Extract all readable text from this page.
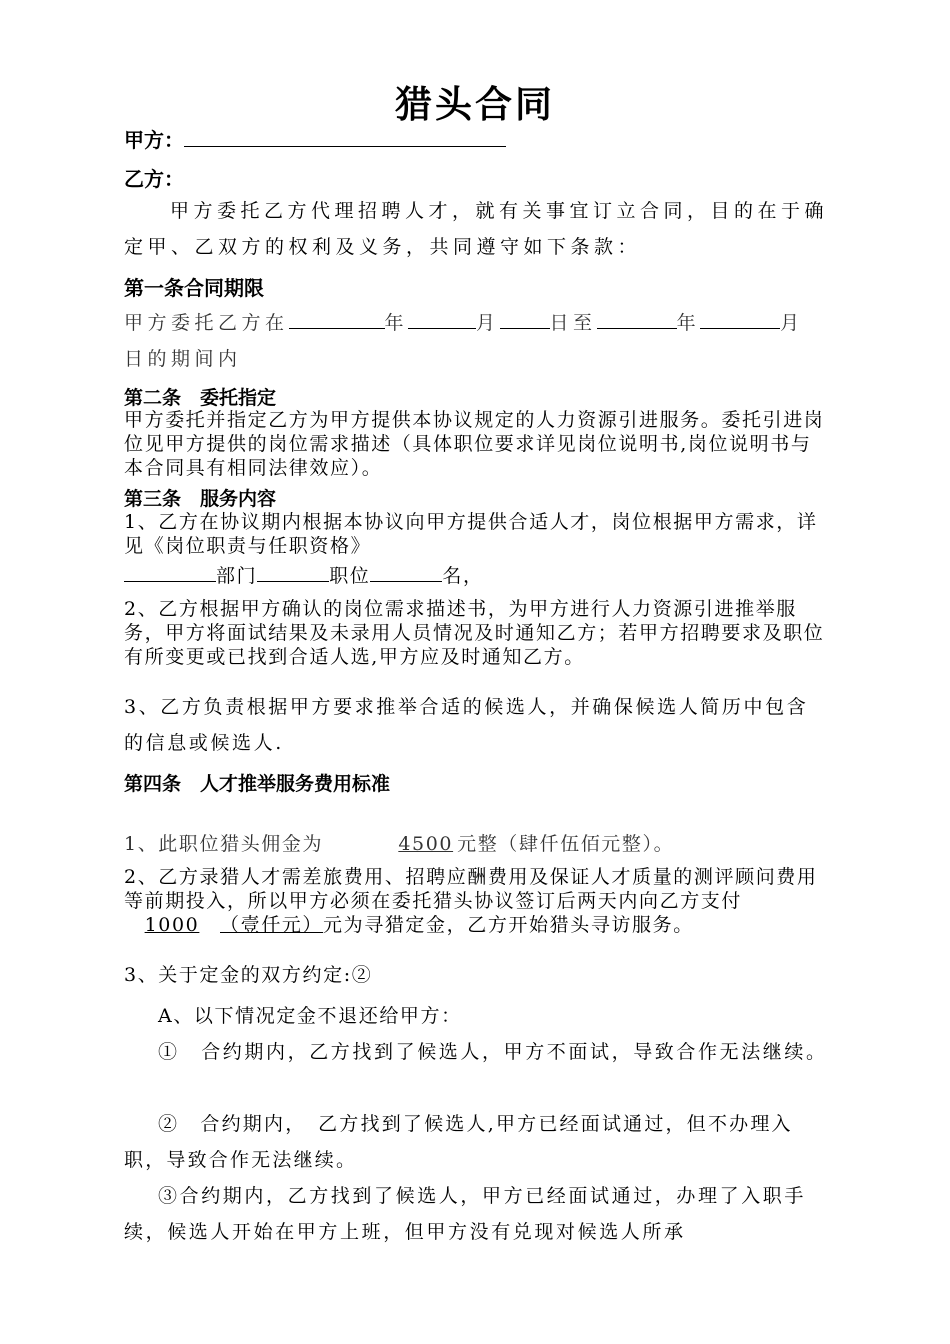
猎头合同
甲方：
乙方：
甲方委托乙方代理招聘人才，就有关事宜订立合同，目的在于确定甲、乙双方的权利及义务，共同遵守如下条款：
第一条合同期限
甲方委托乙方在	年	月	日至	年	月
日的期间内
第二条　委托指定
甲方委托并指定乙方为甲方提供本协议规定的人力资源引进服务。委托引进岗位见甲方提供的岗位需求描述（具体职位要求详见岗位说明书,岗位说明书与本合同具有相同法律效应）。
第三条　服务内容
1、乙方在协议期内根据本协议向甲方提供合适人才，岗位根据甲方需求，详见《岗位职责与任职资格》
部门	职位	名，
2、乙方根据甲方确认的岗位需求描述书，为甲方进行人力资源引进推举服务，甲方将面试结果及未录用人员情况及时通知乙方；若甲方招聘要求及职位有所变更或已找到合适人选,甲方应及时通知乙方。
3、乙方负责根据甲方要求推举合适的候选人，并确保候选人简历中包含的信息或候选人.
第四条　人才推举服务费用标准
1、此职位猎头佣金为	4500 元整（肆仟伍佰元整）。
2、乙方录猎人才需差旅费用、招聘应酬费用及保证人才质量的测评顾问费用等前期投入，所以甲方必须在委托猎头协议签订后两天内向乙方支付1000 （壹仟元）元为寻猎定金，乙方开始猎头寻访服务。
3、关于定金的双方约定:②
A、以下情况定金不退还给甲方：
①　合约期内，乙方找到了候选人，甲方不面试，导致合作无法继续。
②　合约期内，　乙方找到了候选人,甲方已经面试通过，但不办理入职，导致合作无法继续。
③合约期内，乙方找到了候选人，甲方已经面试通过，办理了入职手续，候选人开始在甲方上班，但甲方没有兑现对候选人所承
